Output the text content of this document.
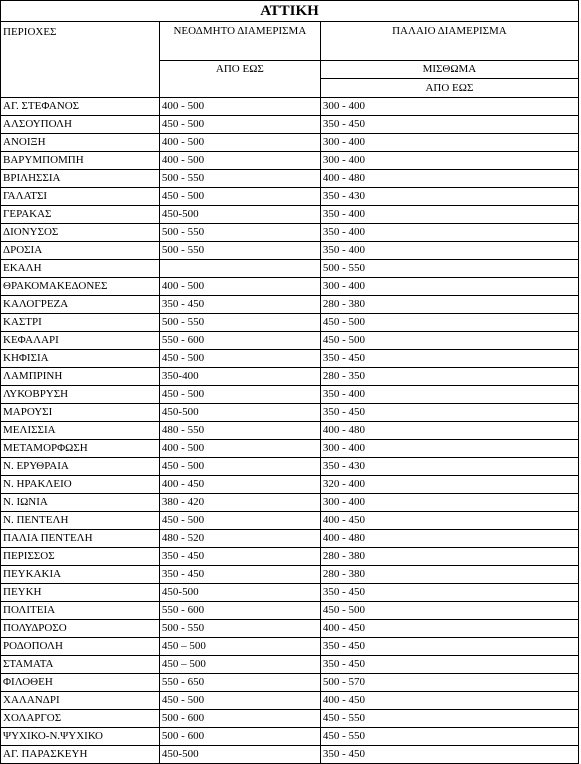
ΑΤΤΙΚΗ		
ΠΕΡΙΟΧΕΣ	ΝΕΟΔΜΗΤΟ ΔΙΑΜΕΡΙΣΜΑ	ΠΑΛΑΙΟ ΔΙΑΜΕΡΙΣΜΑ
	ΑΠΟ ΕΩΣ	ΜΙΣΘΩΜΑ
		ΑΠΟ ΕΩΣ
ΑΓ. ΣΤΕΦΑΝΟΣ	400 - 500	300 - 400
ΑΛΣΟΥΠΟΛΗ	450 - 500	350 - 450
ΑΝΟΙΞΗ	400 - 500	300 - 400
ΒΑΡΥΜΠΟΜΠΗ	400 - 500	300 - 400
ΒΡΙΛΗΣΣΙΑ	500 - 550	400 - 480
ΓΑΛΑΤΣΙ	450 - 500	350 - 430
ΓΕΡΑΚΑΣ	450-500	350 - 400
ΔΙΟΝΥΣΟΣ	500 - 550	350 - 400
ΔΡΟΣΙΑ	500 - 550	350 - 400
ΕΚΑΛΗ		500 - 550
ΘΡΑΚΟΜΑΚΕΔΟΝΕΣ	400 - 500	300 - 400
ΚΑΛΟΓΡΕΖΑ	350 - 450	280 - 380
ΚΑΣΤΡΙ	500 - 550	450 - 500
ΚΕΦΑΛΑΡΙ	550 - 600	450 - 500
ΚΗΦΙΣΙΑ	450 - 500	350 - 450
ΛΑΜΠΡΙΝΗ	350-400	280 - 350
ΛΥΚΟΒΡΥΣΗ	450 - 500	350 - 400
ΜΑΡΟΥΣΙ	450-500	350 - 450
ΜΕΛΙΣΣΙΑ	480 - 550	400 - 480
ΜΕΤΑΜΟΡΦΩΣΗ	400 - 500	300 - 400
Ν. ΕΡΥΘΡΑΙΑ	450 - 500	350 - 430
Ν. ΗΡΑΚΛΕΙΟ	400 - 450	320 - 400
Ν. ΙΩΝΙΑ	380 - 420	300 - 400
Ν. ΠΕΝΤΕΛΗ	450 - 500	400 - 450
ΠΑΛΙΑ ΠΕΝΤΕΛΗ	480 - 520	400 - 480
ΠΕΡΙΣΣΟΣ	350 - 450	280 - 380
ΠΕΥΚΑΚΙΑ	350 - 450	280 - 380
ΠΕΥΚΗ	450-500	350 - 450
ΠΟΛΙΤΕΙΑ	550 - 600	450 - 500
ΠΟΛΥΔΡΟΣΟ	500 - 550	400 - 450
ΡΟΔΟΠΟΛΗ	450 – 500	350 - 450
ΣΤΑΜΑΤΑ	450 – 500	350 - 450
ΦΙΛΟΘΕΗ	550 - 650	500 - 570
ΧΑΛΑΝΔΡΙ	450 - 500	400 - 450
ΧΟΛΑΡΓΟΣ	500 - 600	450 - 550
ΨΥΧΙΚΟ-Ν.ΨΥΧΙΚΟ	500 - 600	450 - 550
ΑΓ. ΠΑΡΑΣΚΕΥΗ	450-500	350 - 450
